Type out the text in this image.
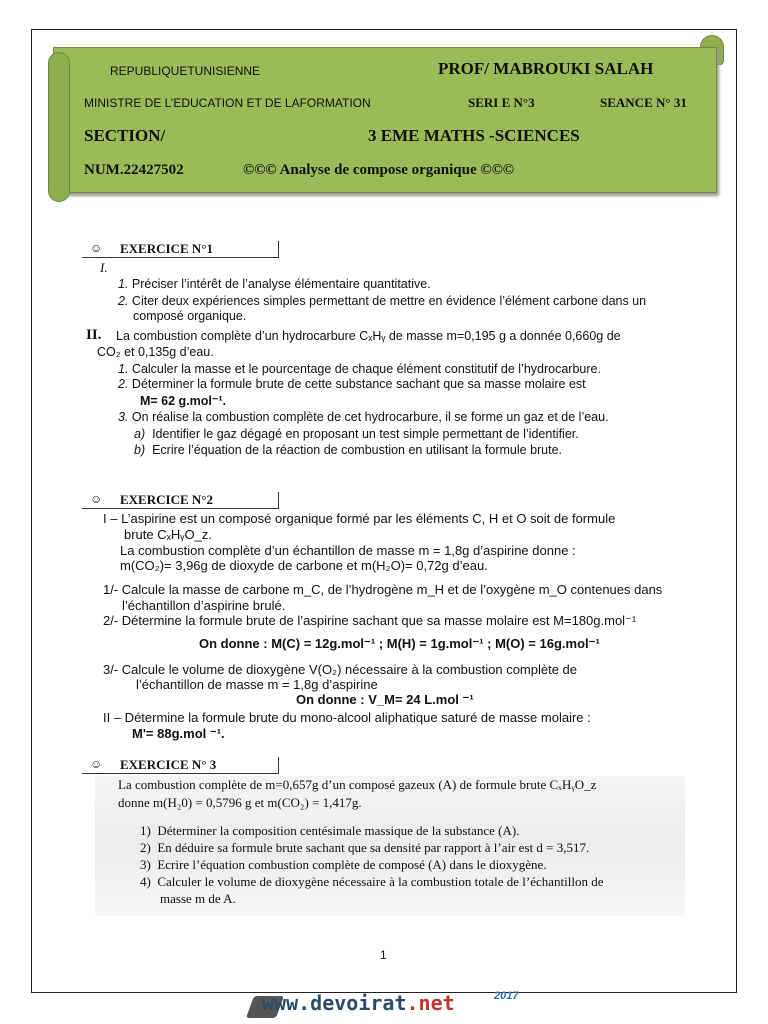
REPUBLIQUETUNISIENNE	PROF/ MABROUKI SALAH
MINISTRE DE L’EDUCATION ET DE LAFORMATION	SERI E N°3	SEANCE N° 31
SECTION/	3 EME MATHS -SCIENCES
NUM.22427502	©©© Analyse de compose organique ©©©
☺ EXERCICE N°1
I.
1. Préciser l’intérêt de l’analyse élémentaire quantitative.
2. Citer deux expériences simples permettant de mettre en évidence l’élément carbone dans un
composé organique.
II. La combustion complète d’un hydrocarbure CₓHᵧ de masse m=0,195 g a donnée 0,660g de
CO₂ et 0,135g d’eau.
1. Calculer la masse et le pourcentage de chaque élément constitutif de l’hydrocarbure.
2. Déterminer la formule brute de cette substance sachant que sa masse molaire est
M= 62 g.mol⁻¹.
3. On réalise la combustion complète de cet hydrocarbure, il se forme un gaz et de l’eau.
a) Identifier le gaz dégagé en proposant un test simple permettant de l’identifier.
b) Ecrire l’équation de la réaction de combustion en utilisant la formule brute.
☺ EXERCICE N°2
I – L’aspirine est un composé organique formé par les éléments C, H et O soit de formule
brute CₓHᵧO_z.
La combustion complète d’un échantillon de masse m = 1,8g d’aspirine donne :
m(CO₂)= 3,96g de dioxyde de carbone et m(H₂O)= 0,72g d’eau.
1/- Calcule la masse de carbone m_C, de l’hydrogène m_H et de l’oxygène m_O contenues dans
l’échantillon d’aspirine brulé.
2/- Détermine la formule brute de l’aspirine sachant que sa masse molaire est M=180g.mol⁻¹
On donne : M(C) = 12g.mol⁻¹ ; M(H) = 1g.mol⁻¹ ; M(O) = 16g.mol⁻¹
3/- Calcule le volume de dioxygène V(O₂) nécessaire à la combustion complète de
l’échantillon de masse m = 1,8g d’aspirine
On donne : V_M= 24 L.mol ⁻¹
II – Détermine la formule brute du mono-alcool aliphatique saturé de masse molaire :
M'= 88g.mol ⁻¹.
☺ EXERCICE N° 3
La combustion complète de m=0,657g d’un composé gazeux (A) de formule brute CₓHᵧO_z
donne m(H₂0) = 0,5796 g et m(CO₂) = 1,417g.
1)  Déterminer la composition centésimale massique de la substance (A).
2)  En déduire sa formule brute sachant que sa densité par rapport à l’air est d = 3,517.
3)  Ecrire l’équation combustion complète de composé (A) dans le dioxygène.
4)  Calculer le volume de dioxygène nécessaire à la combustion totale de l’échantillon de
masse m de A.
1
www.devoirat.net	2017
